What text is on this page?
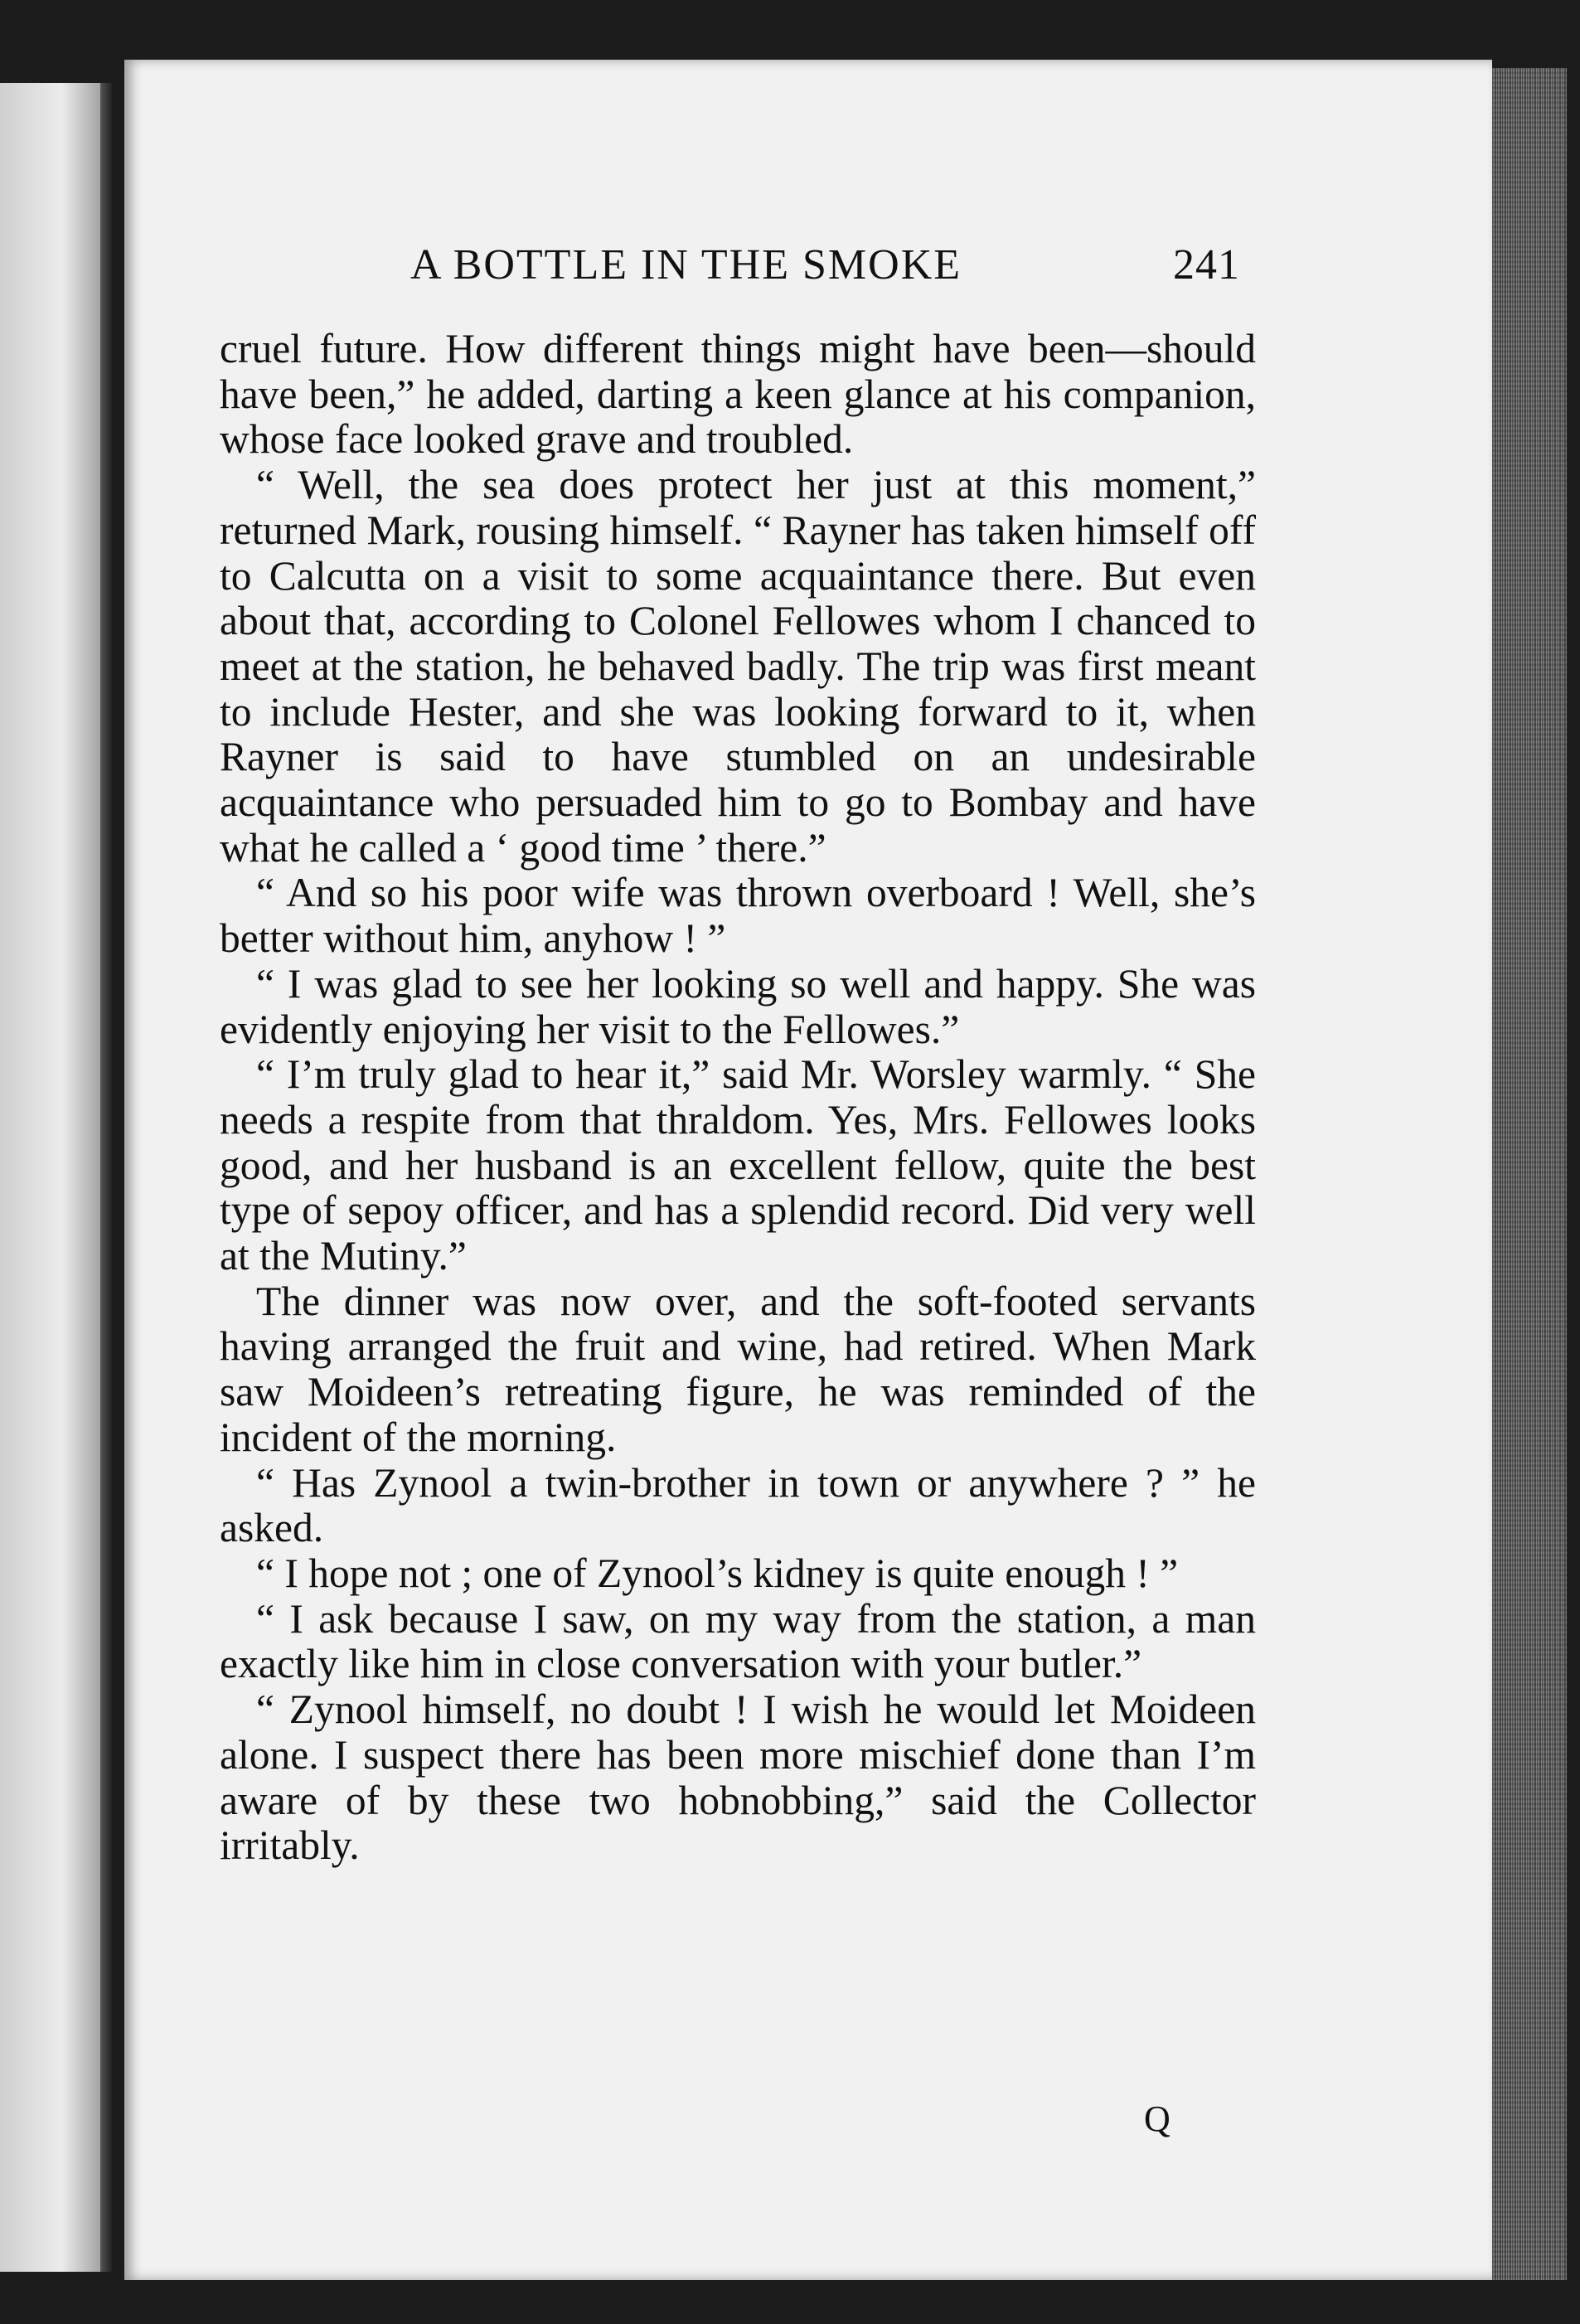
A BOTTLE IN THE SMOKE	241

cruel future. How different things might have been—should have been,” he added, darting a keen glance at his companion, whose face looked grave and troubled.

“ Well, the sea does protect her just at this moment,” returned Mark, rousing himself. “ Rayner has taken himself off to Calcutta on a visit to some acquaintance there. But even about that, according to Colonel Fellowes whom I chanced to meet at the station, he behaved badly. The trip was first meant to include Hester, and she was looking forward to it, when Rayner is said to have stumbled on an undesirable acquaintance who persuaded him to go to Bombay and have what he called a ‘ good time ’ there.”

“ And so his poor wife was thrown overboard ! Well, she’s better without him, anyhow ! ”

“ I was glad to see her looking so well and happy. She was evidently enjoying her visit to the Fellowes.”

“ I’m truly glad to hear it,” said Mr. Worsley warmly. “ She needs a respite from that thraldom. Yes, Mrs. Fellowes looks good, and her husband is an excellent fellow, quite the best type of sepoy officer, and has a splendid record. Did very well at the Mutiny.”

The dinner was now over, and the soft-footed servants having arranged the fruit and wine, had retired. When Mark saw Moideen’s retreating figure, he was reminded of the incident of the morning.

“ Has Zynool a twin-brother in town or anywhere ? ” he asked.

“ I hope not ; one of Zynool’s kidney is quite enough ! ”

“ I ask because I saw, on my way from the station, a man exactly like him in close conversation with your butler.”

“ Zynool himself, no doubt ! I wish he would let Moideen alone. I suspect there has been more mischief done than I’m aware of by these two hobnobbing,” said the Collector irritably.

Q
